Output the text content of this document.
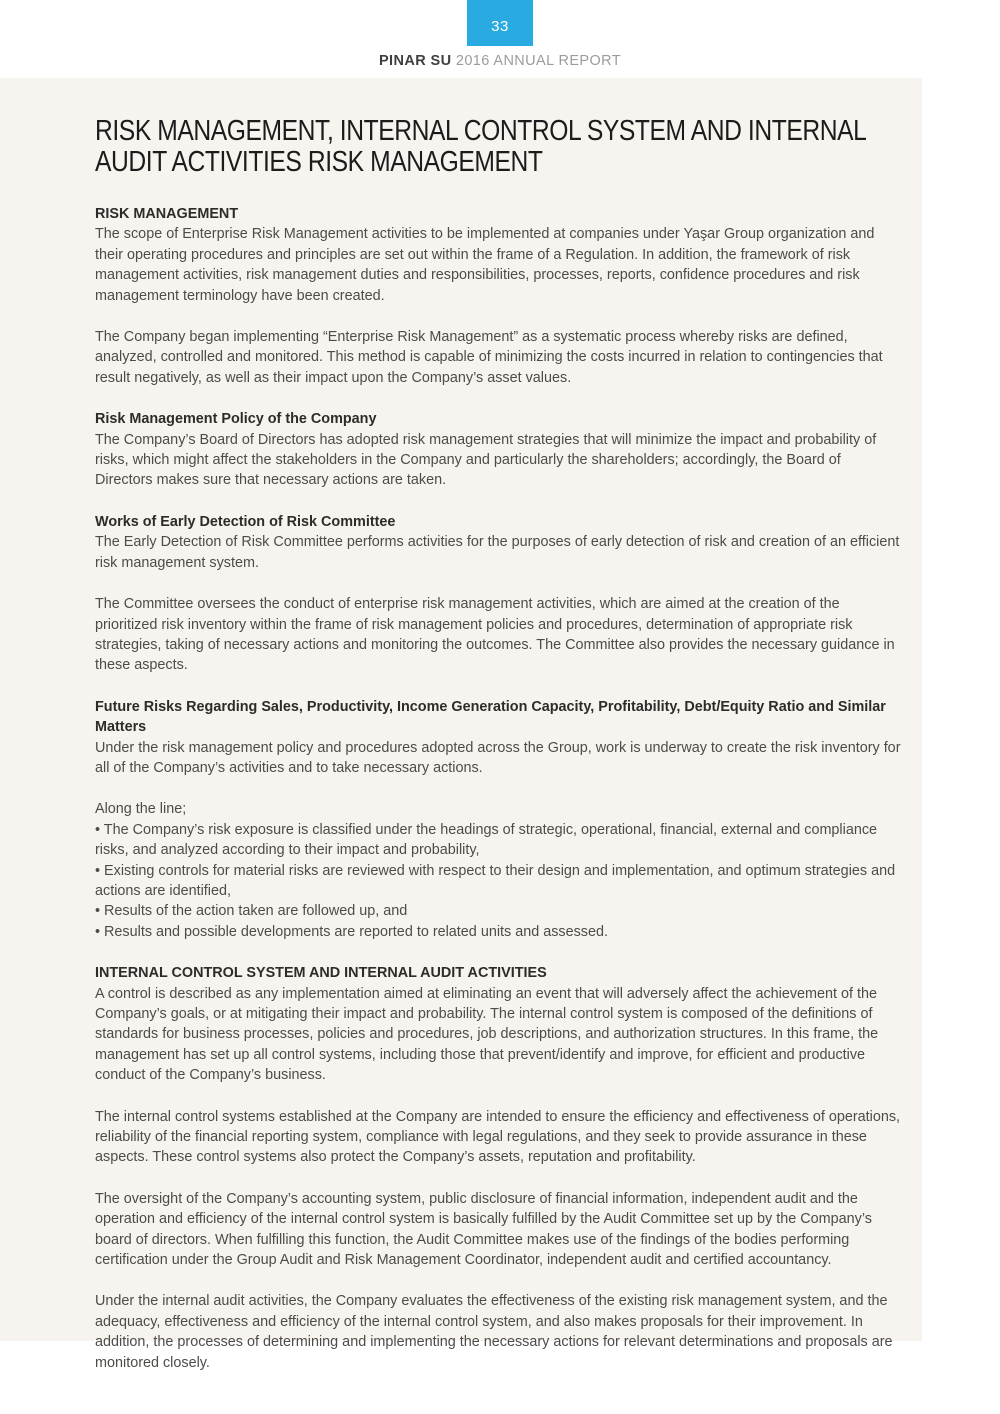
33
PINAR SU 2016 ANNUAL REPORT
RISK MANAGEMENT, INTERNAL CONTROL SYSTEM AND INTERNAL AUDIT ACTIVITIES RISK MANAGEMENT
RISK MANAGEMENT

The scope of Enterprise Risk Management activities to be implemented at companies under Yaşar Group organization and their operating procedures and principles are set out within the frame of a Regulation. In addition, the framework of risk management activities, risk management duties and responsibilities, processes, reports, confidence procedures and risk management terminology have been created.

The Company began implementing “Enterprise Risk Management” as a systematic process whereby risks are defined, analyzed, controlled and monitored. This method is capable of minimizing the costs incurred in relation to contingencies that result negatively, as well as their impact upon the Company’s asset values.

Risk Management Policy of the Company

The Company’s Board of Directors has adopted risk management strategies that will minimize the impact and probability of risks, which might affect the stakeholders in the Company and particularly the shareholders; accordingly, the Board of Directors makes sure that necessary actions are taken.

Works of Early Detection of Risk Committee

The Early Detection of Risk Committee performs activities for the purposes of early detection of risk and creation of an efficient risk management system.

The Committee oversees the conduct of enterprise risk management activities, which are aimed at the creation of the prioritized risk inventory within the frame of risk management policies and procedures, determination of appropriate risk strategies, taking of necessary actions and monitoring the outcomes. The Committee also provides the necessary guidance in these aspects.

Future Risks Regarding Sales, Productivity, Income Generation Capacity, Profitability, Debt/Equity Ratio and Similar Matters

Under the risk management policy and procedures adopted across the Group, work is underway to create the risk inventory for all of the Company’s activities and to take necessary actions.

Along the line;

• The Company’s risk exposure is classified under the headings of strategic, operational, financial, external and compliance risks, and analyzed according to their impact and probability,

• Existing controls for material risks are reviewed with respect to their design and implementation, and optimum strategies and actions are identified,

• Results of the action taken are followed up, and

• Results and possible developments are reported to related units and assessed.

INTERNAL CONTROL SYSTEM AND INTERNAL AUDIT ACTIVITIES

A control is described as any implementation aimed at eliminating an event that will adversely affect the achievement of the Company’s goals, or at mitigating their impact and probability. The internal control system is composed of the definitions of standards for business processes, policies and procedures, job descriptions, and authorization structures. In this frame, the management has set up all control systems, including those that prevent/identify and improve, for efficient and productive conduct of the Company’s business.

The internal control systems established at the Company are intended to ensure the efficiency and effectiveness of operations, reliability of the financial reporting system, compliance with legal regulations, and they seek to provide assurance in these aspects. These control systems also protect the Company’s assets, reputation and profitability.

The oversight of the Company’s accounting system, public disclosure of financial information, independent audit and the operation and efficiency of the internal control system is basically fulfilled by the Audit Committee set up by the Company’s board of directors. When fulfilling this function, the Audit Committee makes use of the findings of the bodies performing certification under the Group Audit and Risk Management Coordinator, independent audit and certified accountancy.

Under the internal audit activities, the Company evaluates the effectiveness of the existing risk management system, and the adequacy, effectiveness and efficiency of the internal control system, and also makes proposals for their improvement. In addition, the processes of determining and implementing the necessary actions for relevant determinations and proposals are monitored closely.
